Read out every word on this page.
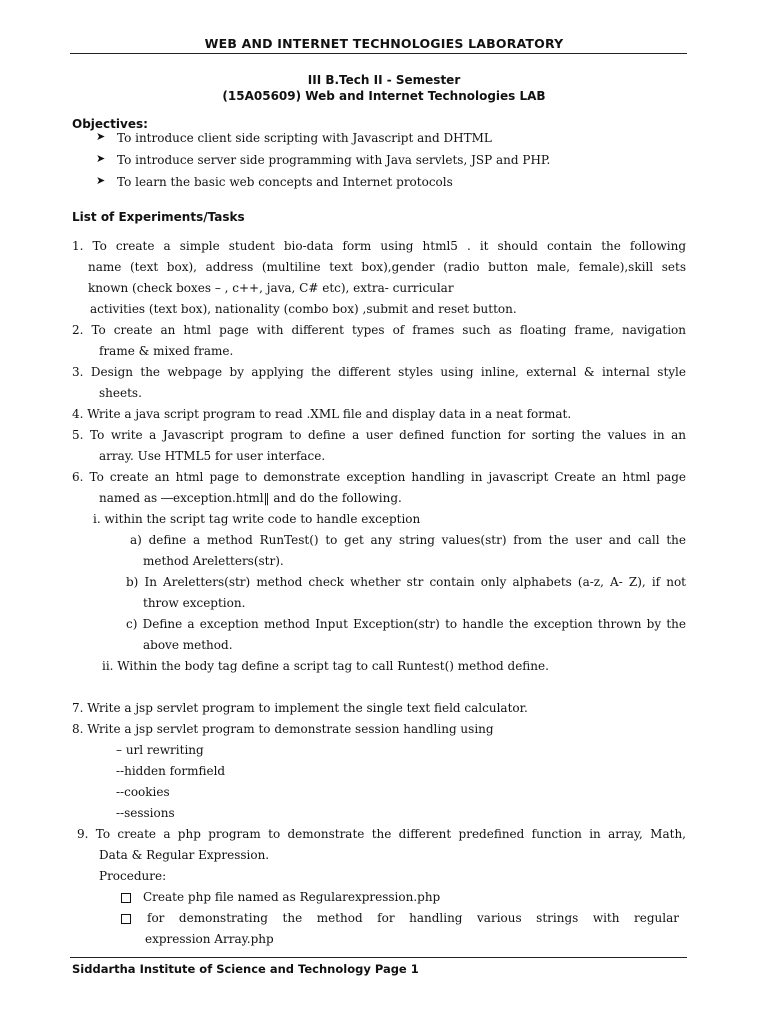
WEB AND INTERNET TECHNOLOGIES LABORATORY
III B.Tech II - Semester
(15A05609) Web and Internet Technologies LAB
Objectives:
➤ To introduce client side scripting with Javascript and DHTML
➤ To introduce server side programming with Java servlets, JSP and PHP.
➤ To learn the basic web concepts and Internet protocols
List of Experiments/Tasks
1. To create a simple student bio-data form using html5 . it should contain the following
name (text box), address (multiline text box),gender (radio button male, female),skill sets
known (check boxes – , c++, java, C# etc), extra- curricular
activities (text box), nationality (combo box) ,submit and reset button.
2. To create an html page with different types of frames such as floating frame, navigation
frame & mixed frame.
3. Design the webpage by applying the different styles using inline, external & internal style
sheets.
4. Write a java script program to read .XML file and display data in a neat format.
5. To write a Javascript program to define a user defined function for sorting the values in an
array. Use HTML5 for user interface.
6. To create an html page to demonstrate exception handling in javascript Create an html page
named as ―exception.html‖ and do the following.
i. within the script tag write code to handle exception
a) define a method RunTest() to get any string values(str) from the user and call the
method Areletters(str).
b) In Areletters(str) method check whether str contain only alphabets (a-z, A- Z), if not
throw exception.
c) Define a exception method Input Exception(str) to handle the exception thrown by the
above method.
ii. Within the body tag define a script tag to call Runtest() method define.
7. Write a jsp servlet program to implement the single text field calculator.
8. Write a jsp servlet program to demonstrate session handling using
– url rewriting
--hidden formfield
--cookies
--sessions
9. To create a php program to demonstrate the different predefined function in array, Math,
Data & Regular Expression.
Procedure:
Create php file named as Regularexpression.php
for demonstrating the method for handling various strings with regular
expression Array.php
Siddartha Institute of Science and Technology Page 1
